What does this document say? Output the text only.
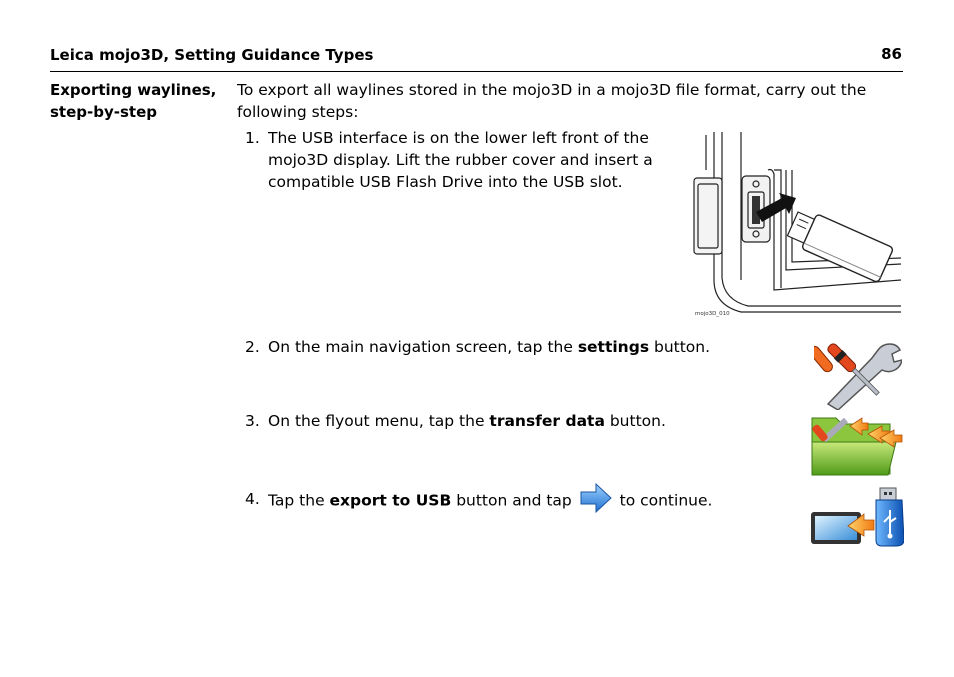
Leica mojo3D, Setting Guidance Types	86
Exporting waylines,
step-by-step
To export all waylines stored in the mojo3D in a mojo3D file format, carry out the following steps:
1. The USB interface is on the lower left front of the mojo3D display. Lift the rubber cover and insert a compatible USB Flash Drive into the USB slot.
2. On the main navigation screen, tap the settings button.
3. On the flyout menu, tap the transfer data button.
4. Tap the export to USB button and tap  to continue.
mojo3D_010
